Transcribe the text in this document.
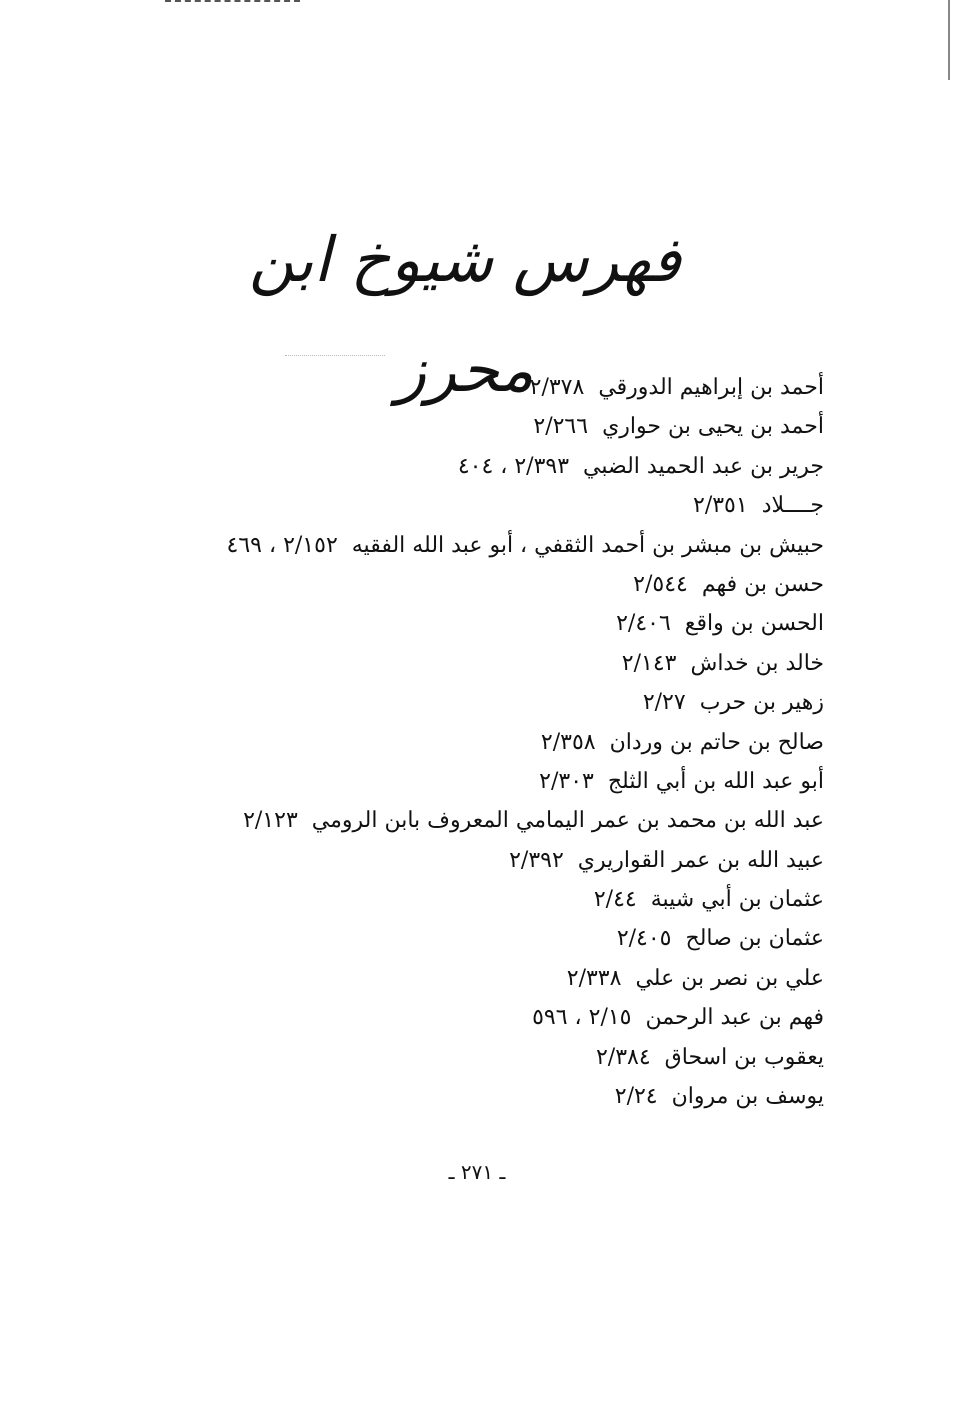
فهرس شيوخ ابن محرز	أحمد بن إبراهيم الدورقي٢/٣٧٨
أحمد بن يحيى بن حواري٢/٢٦٦
جرير بن عبد الحميد الضبي٢/٣٩٣ ، ٤٠٤
جــــلاد٢/٣٥١
حبيش بن مبشر بن أحمد الثقفي ، أبو عبد الله الفقيه٢/١٥٢ ، ٤٦٩
حسن بن فهم٢/٥٤٤
الحسن بن واقع٢/٤٠٦
خالد بن خداش٢/١٤٣
زهير بن حرب٢/٢٧
صالح بن حاتم بن وردان٢/٣٥٨
أبو عبد الله بن أبي الثلج٢/٣٠٣
عبد الله بن محمد بن عمر اليمامي المعروف بابن الرومي٢/١٢٣
عبيد الله بن عمر القواريري٢/٣٩٢
عثمان بن أبي شيبة٢/٤٤
عثمان بن صالح٢/٤٠٥
علي بن نصر بن علي٢/٣٣٨
فهم بن عبد الرحمن٢/١٥ ، ٥٩٦
يعقوب بن اسحاق٢/٣٨٤
يوسف بن مروان٢/٢٤
ـ ٢٧١ ـ
